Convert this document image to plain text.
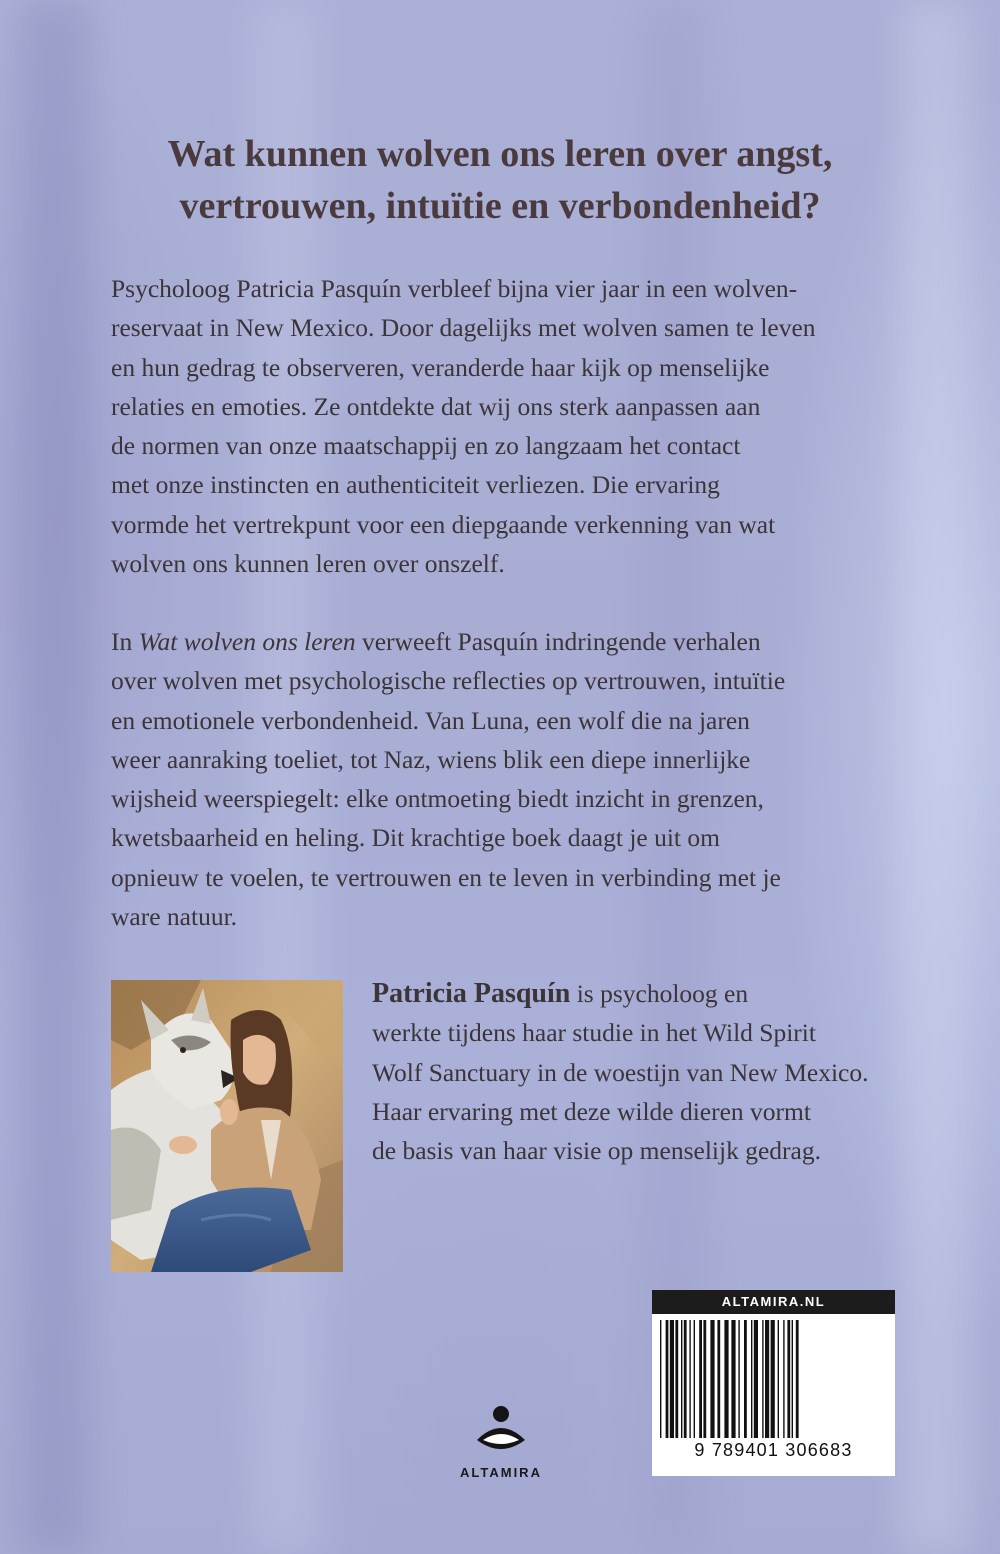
Wat kunnen wolven ons leren over angst,
vertrouwen, intuïtie en verbondenheid?

Psycholoog Patricia Pasquín verbleef bijna vier jaar in een wolven-
reservaat in New Mexico. Door dagelijks met wolven samen te leven
en hun gedrag te observeren, veranderde haar kijk op menselijke
relaties en emoties. Ze ontdekte dat wij ons sterk aanpassen aan
de normen van onze maatschappij en zo langzaam het contact
met onze instincten en authenticiteit verliezen. Die ervaring
vormde het vertrekpunt voor een diepgaande verkenning van wat
wolven ons kunnen leren over onszelf.

In Wat wolven ons leren verweeft Pasquín indringende verhalen
over wolven met psychologische reflecties op vertrouwen, intuïtie
en emotionele verbondenheid. Van Luna, een wolf die na jaren
weer aanraking toeliet, tot Naz, wiens blik een diepe innerlijke
wijsheid weerspiegelt: elke ontmoeting biedt inzicht in grenzen,
kwetsbaarheid en heling. Dit krachtige boek daagt je uit om
opnieuw te voelen, te vertrouwen en te leven in verbinding met je
ware natuur.

Patricia Pasquín is psycholoog en
werkte tijdens haar studie in het Wild Spirit
Wolf Sanctuary in de woestijn van New Mexico.
Haar ervaring met deze wilde dieren vormt
de basis van haar visie op menselijk gedrag.

ALTAMIRA
ALTAMIRA.NL
9 789401 306683
